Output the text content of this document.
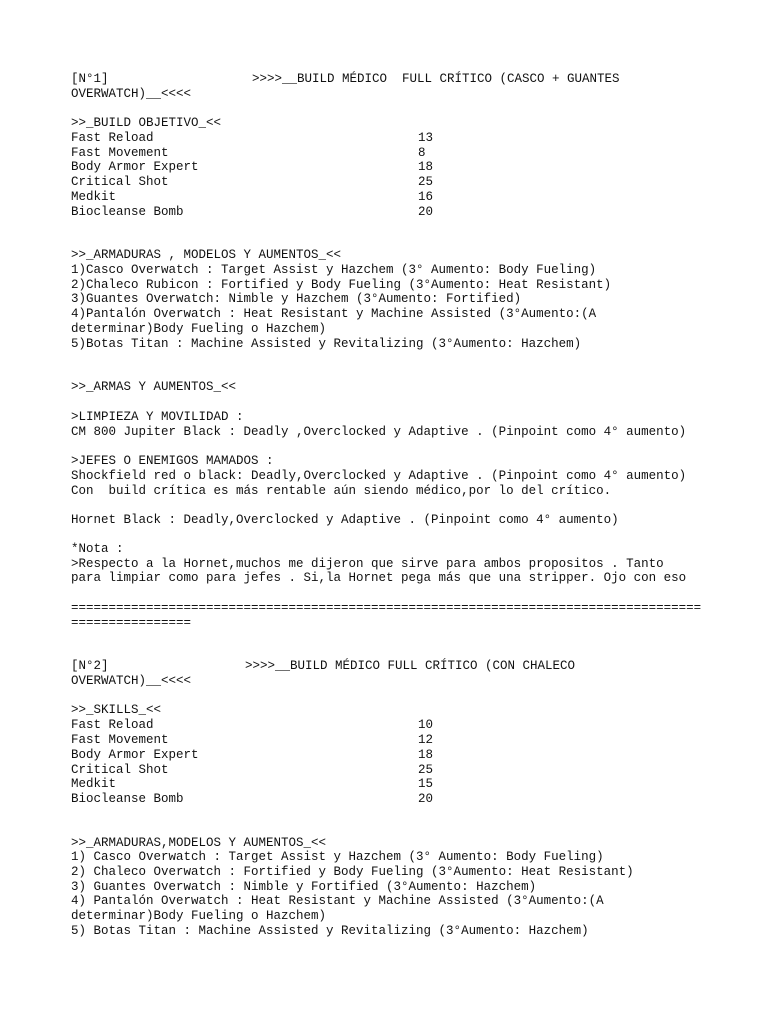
[N°1]	>>>>__BUILD MÉDICO  FULL CRÍTICO (CASCO + GUANTES
OVERWATCH)__<<<<
>>_BUILD OBJETIVO_<<
Fast Reload	13
Fast Movement	8
Body Armor Expert	18
Critical Shot	25
Medkit	16
Biocleanse Bomb	20
>>_ARMADURAS , MODELOS Y AUMENTOS_<<
1)Casco Overwatch : Target Assist y Hazchem (3° Aumento: Body Fueling)
2)Chaleco Rubicon : Fortified y Body Fueling (3°Aumento: Heat Resistant)
3)Guantes Overwatch: Nimble y Hazchem (3°Aumento: Fortified)
4)Pantalón Overwatch : Heat Resistant y Machine Assisted (3°Aumento:(A
determinar)Body Fueling o Hazchem)
5)Botas Titan : Machine Assisted y Revitalizing (3°Aumento: Hazchem)
>>_ARMAS Y AUMENTOS_<<
>LIMPIEZA Y MOVILIDAD :
CM 800 Jupiter Black : Deadly ,Overclocked y Adaptive . (Pinpoint como 4° aumento)
>JEFES O ENEMIGOS MAMADOS :
Shockfield red o black: Deadly,Overclocked y Adaptive . (Pinpoint como 4° aumento)
Con  build crítica es más rentable aún siendo médico,por lo del crítico.
Hornet Black : Deadly,Overclocked y Adaptive . (Pinpoint como 4° aumento)
*Nota :
>Respecto a la Hornet,muchos me dijeron que sirve para ambos propositos . Tanto
para limpiar como para jefes . Si,la Hornet pega más que una stripper. Ojo con eso
====================================================================================
================
[N°2]	>>>>__BUILD MÉDICO FULL CRÍTICO (CON CHALECO
OVERWATCH)__<<<<
>>_SKILLS_<<
Fast Reload	10
Fast Movement	12
Body Armor Expert	18
Critical Shot	25
Medkit	15
Biocleanse Bomb	20
>>_ARMADURAS,MODELOS Y AUMENTOS_<<
1) Casco Overwatch : Target Assist y Hazchem (3° Aumento: Body Fueling)
2) Chaleco Overwatch : Fortified y Body Fueling (3°Aumento: Heat Resistant)
3) Guantes Overwatch : Nimble y Fortified (3°Aumento: Hazchem)
4) Pantalón Overwatch : Heat Resistant y Machine Assisted (3°Aumento:(A
determinar)Body Fueling o Hazchem)
5) Botas Titan : Machine Assisted y Revitalizing (3°Aumento: Hazchem)
